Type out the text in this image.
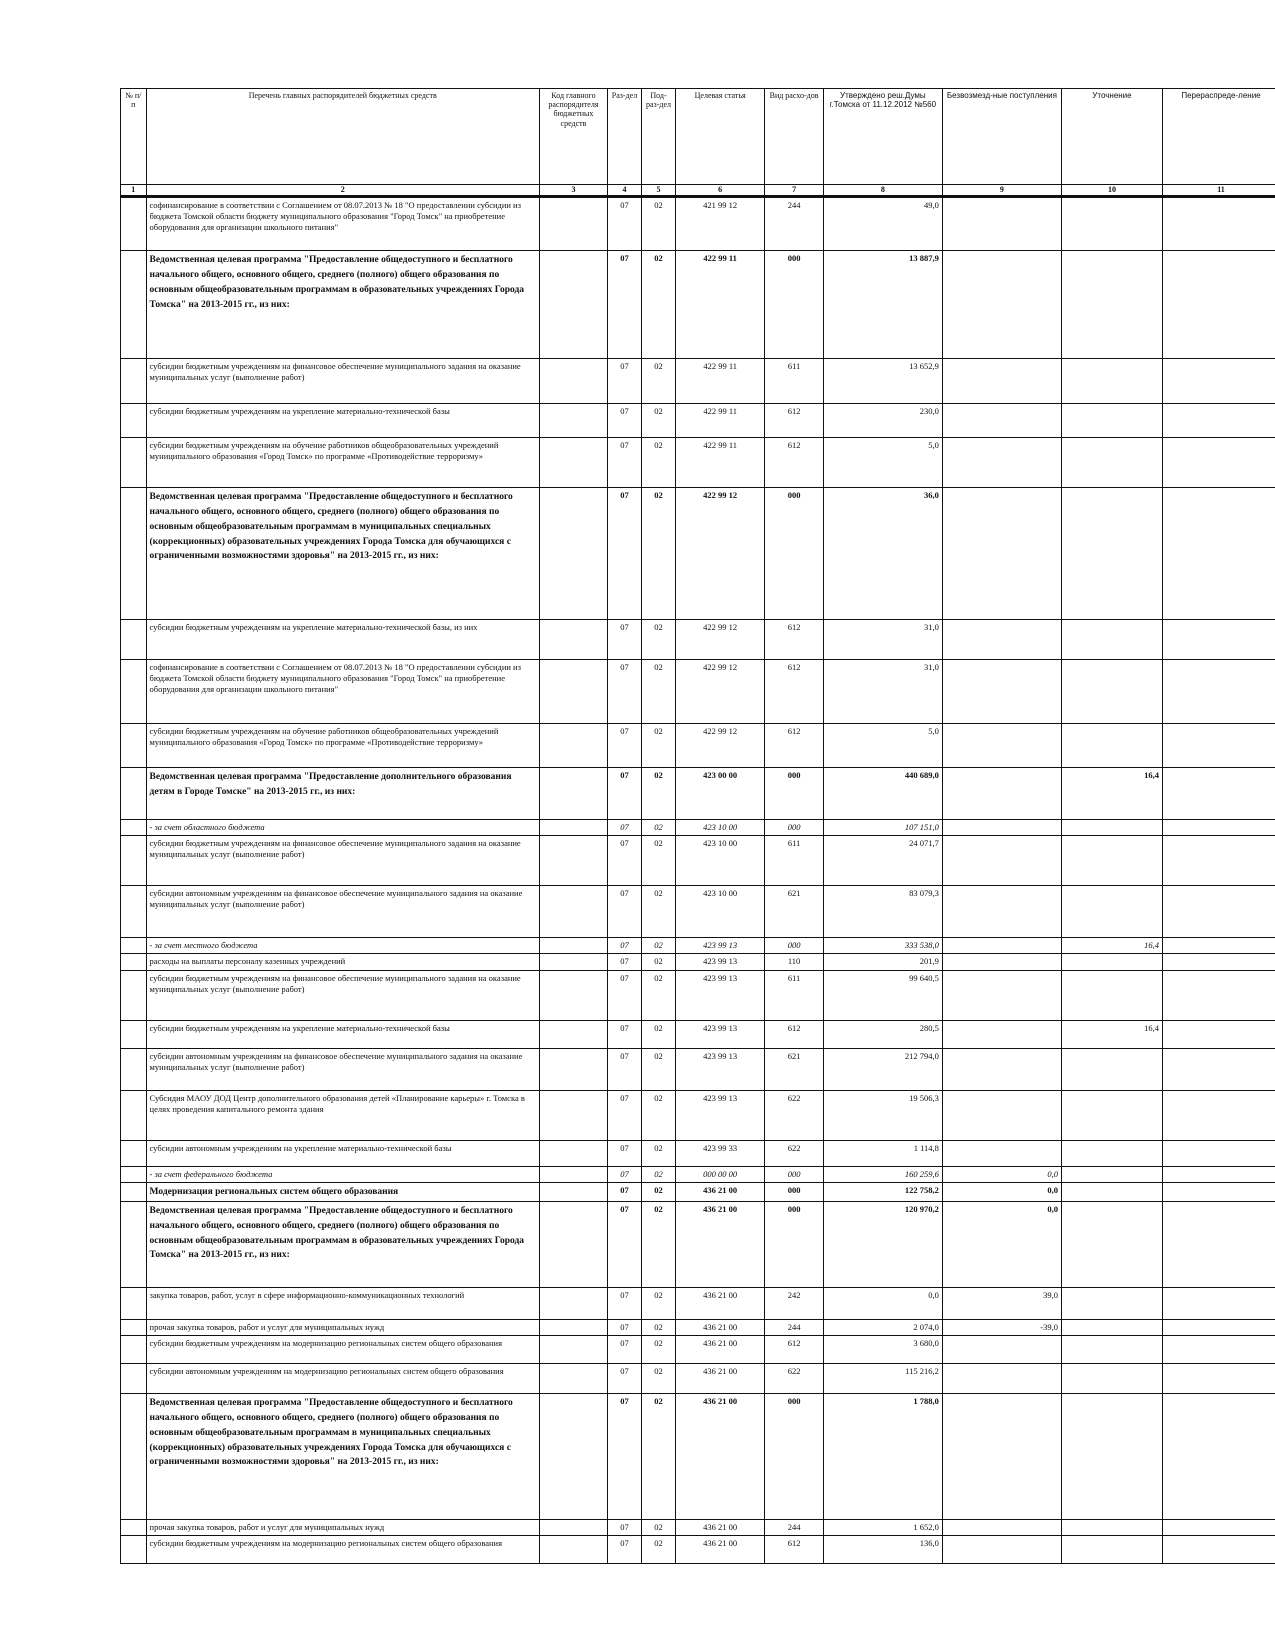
№ п/п	Перечень главных распорядителей бюджетных средств	Код главного распорядителя бюджетных средств	Раз-дел	Под-раз-дел	Целевая статья	Вид расхо-дов	Утверждено реш.Думы г.Томска от 11.12.2012 №560	Безвозмезд-ные поступления	Уточнение	Перераспреде-ление
1	2	3	4	5	6	7	8	9	10	11
	софинансирование в соответствии с Соглашением от 08.07.2013 № 18 "О предоставлении субсидии из бюджета Томской области бюджету муниципального образования "Город Томск" на приобретение оборудования для организации школьного питания"		07	02	421 99 12	244	49,0			
	Ведомственная целевая программа "Предоставление общедоступного и бесплатного начального общего, основного общего, среднего (полного) общего образования по основным общеобразовательным программам в образовательных учреждениях Города Томска" на 2013-2015 гг., из них:		07	02	422 99 11	000	13 887,9			
	субсидии бюджетным учреждениям на финансовое обеспечение муниципального задания на оказание муниципальных услуг (выполнение работ)		07	02	422 99 11	611	13 652,9			
	субсидии бюджетным учреждениям на укрепление материально-технической базы		07	02	422 99 11	612	230,0			
	субсидии бюджетным учреждениям на обучение работников общеобразовательных учреждений муниципального образования «Город Томск» по программе «Противодействие терроризму»		07	02	422 99 11	612	5,0			
	Ведомственная целевая программа "Предоставление общедоступного и бесплатного начального общего, основного общего, среднего (полного) общего образования по основным общеобразовательным программам в муниципальных специальных (коррекционных) образовательных учреждениях Города Томска для обучающихся с ограниченными возможностями здоровья" на 2013-2015 гг., из них:		07	02	422 99 12	000	36,0			
	субсидии бюджетным учреждениям на укрепление материально-технической базы, из них		07	02	422 99 12	612	31,0			
	софинансирование в соответствии с Соглашением от 08.07.2013 № 18 "О предоставлении субсидии из бюджета Томской области бюджету муниципального образования "Город Томск" на приобретение оборудования для организации школьного питания"		07	02	422 99 12	612	31,0			
	субсидии бюджетным учреждениям на обучение работников общеобразовательных учреждений муниципального образования «Город Томск» по программе «Противодействие терроризму»		07	02	422 99 12	612	5,0			
	Ведомственная целевая программа "Предоставление дополнительного образования детям в Городе Томске" на 2013-2015 гг., из них:		07	02	423 00 00	000	440 689,0		16,4	
	- за счет областного бюджета		07	02	423 10 00	000	107 151,0			
	субсидии бюджетным учреждениям на финансовое обеспечение муниципального задания на оказание муниципальных услуг (выполнение работ)		07	02	423 10 00	611	24 071,7			
	субсидии автономным учреждениям на финансовое обеспечение муниципального задания на оказание муниципальных услуг (выполнение работ)		07	02	423 10 00	621	83 079,3			
	- за счет местного бюджета		07	02	423 99 13	000	333 538,0		16,4	
	расходы на выплаты персоналу казенных учреждений		07	02	423 99 13	110	201,9			
	субсидии бюджетным учреждениям на финансовое обеспечение муниципального задания на оказание муниципальных услуг (выполнение работ)		07	02	423 99 13	611	99 640,5			
	субсидии бюджетным учреждениям на укрепление материально-технической базы		07	02	423 99 13	612	280,5		16,4	
	субсидии автономным учреждениям на финансовое обеспечение муниципального задания на оказание муниципальных услуг (выполнение работ)		07	02	423 99 13	621	212 794,0			
	Субсидия МАОУ ДОД Центр дополнительного образования детей «Планирование карьеры» г. Томска в целях проведения капитального ремонта здания		07	02	423 99 13	622	19 506,3			
	субсидии автономным учреждениям на укрепление материально-технической базы		07	02	423 99 33	622	1 114,8			
	- за счет федерального бюджета		07	02	000 00 00	000	160 259,6	0,0		
	Модернизация региональных систем общего образования		07	02	436 21 00	000	122 758,2	0,0		
	Ведомственная целевая программа "Предоставление общедоступного и бесплатного начального общего, основного общего, среднего (полного) общего образования по основным общеобразовательным программам в образовательных учреждениях Города Томска" на 2013-2015 гг., из них:		07	02	436 21 00	000	120 970,2	0,0		
	закупка товаров, работ, услуг в сфере информационно-коммуникационных технологий		07	02	436 21 00	242	0,0	39,0		
	прочая закупка товаров, работ и услуг для муниципальных нужд		07	02	436 21 00	244	2 074,0	-39,0		
	субсидии бюджетным учреждениям на модернизацию региональных систем общего образования		07	02	436 21 00	612	3 680,0			
	субсидии автономным учреждениям на модернизацию региональных систем общего образования		07	02	436 21 00	622	115 216,2			
	Ведомственная целевая программа "Предоставление общедоступного и бесплатного начального общего, основного общего, среднего (полного) общего образования по основным общеобразовательным программам в муниципальных специальных (коррекционных) образовательных учреждениях Города Томска для обучающихся с ограниченными возможностями здоровья" на 2013-2015 гг., из них:		07	02	436 21 00	000	1 788,0			
	прочая закупка товаров, работ и услуг для муниципальных нужд		07	02	436 21 00	244	1 652,0			
	субсидии бюджетным учреждениям на модернизацию региональных систем общего образования		07	02	436 21 00	612	136,0			
